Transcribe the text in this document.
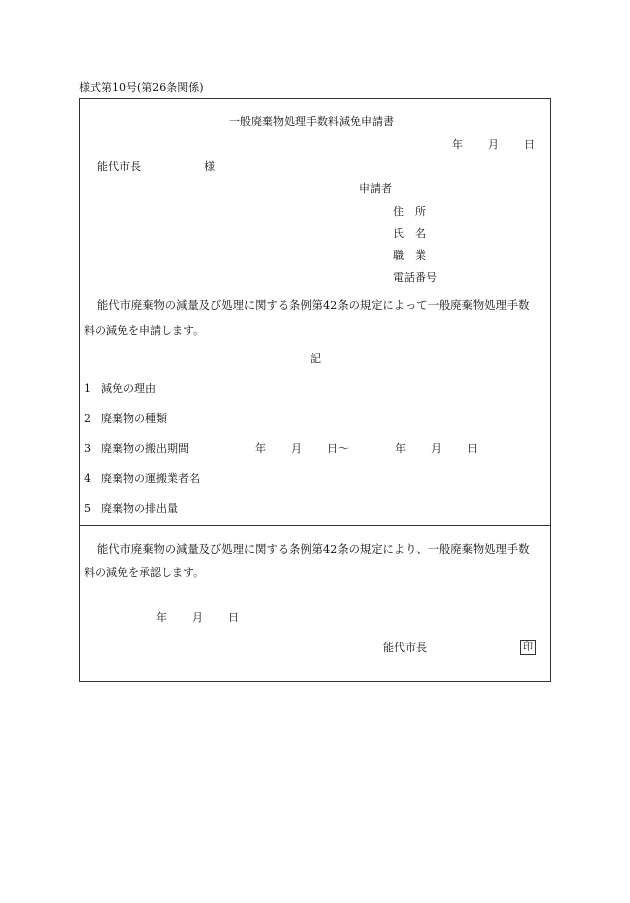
様式第10号(第26条関係)
一般廃棄物処理手数料減免申請書
年 月 日
能代市長	様
申請者
住　所
氏　名
職　業
電話番号
能代市廃棄物の減量及び処理に関する条例第42条の規定によって一般廃棄物処理手数
料の減免を申請します。
記
1 減免の理由
2 廃棄物の種類
3 廃棄物の搬出期間	年 月 日〜	年 月 日
4 廃棄物の運搬業者名
5 廃棄物の排出量
能代市廃棄物の減量及び処理に関する条例第42条の規定により、一般廃棄物処理手数
料の減免を承認します。
年 月 日
能代市長	印
